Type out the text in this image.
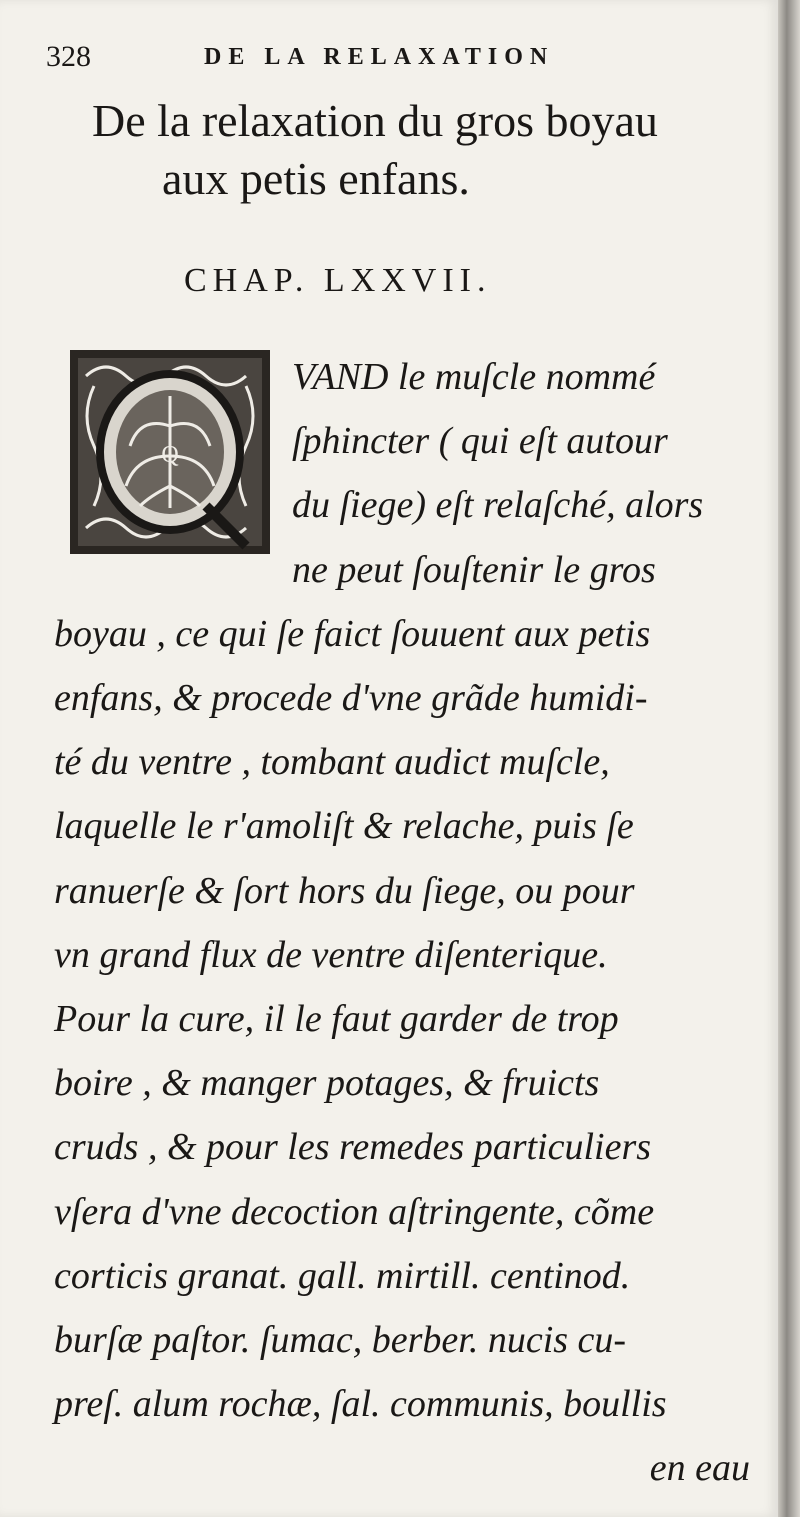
328	DE LA RELAXATION
De la relaxation du gros boyau
aux petis enfans.
CHAP. LXXVII.
Q
VAND le muſcle nommé
ſphincter ( qui eſt autour
du ſiege) eſt relaſché, alors
ne peut ſouſtenir le gros
boyau , ce qui ſe faict ſouuent aux petis
enfans, & procede d'vne grãde humidi-
té du ventre , tombant audict muſcle,
laquelle le r'amoliſt & relache, puis ſe
ranuerſe & ſort hors du ſiege, ou pour
vn grand flux de ventre diſenterique.
Pour la cure, il le faut garder de trop
boire , & manger potages, & fruicts
cruds , & pour les remedes particuliers
vſera d'vne decoction aſtringente, cõme
corticis granat. gall. mirtill. centinod.
burſæ paſtor. ſumac, berber. nucis cu-
preſ. alum rochæ, ſal. communis, boullis
en eau
